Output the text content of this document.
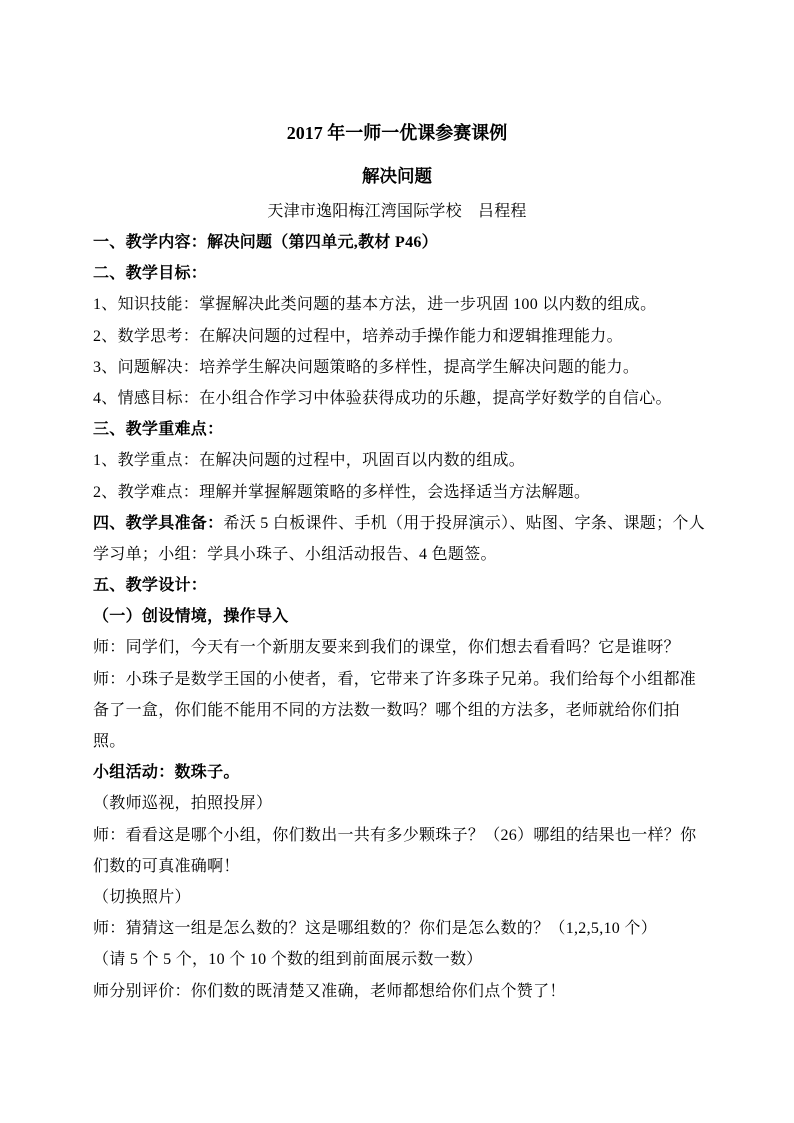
2017 年一师一优课参赛课例
解决问题
天津市逸阳梅江湾国际学校　吕程程
一、教学内容：解决问题（第四单元,教材 P46）
二、教学目标：
1、知识技能：掌握解决此类问题的基本方法，进一步巩固 100 以内数的组成。
2、数学思考：在解决问题的过程中，培养动手操作能力和逻辑推理能力。
3、问题解决：培养学生解决问题策略的多样性，提高学生解决问题的能力。
4、情感目标：在小组合作学习中体验获得成功的乐趣，提高学好数学的自信心。
三、教学重难点：
1、教学重点：在解决问题的过程中，巩固百以内数的组成。
2、教学难点：理解并掌握解题策略的多样性，会选择适当方法解题。
四、教学具准备：希沃 5 白板课件、手机（用于投屏演示）、贴图、字条、课题；个人
学习单；小组：学具小珠子、小组活动报告、4 色题签。
五、教学设计：
（一）创设情境，操作导入
师：同学们，今天有一个新朋友要来到我们的课堂，你们想去看看吗？它是谁呀？
师：小珠子是数学王国的小使者，看，它带来了许多珠子兄弟。我们给每个小组都准
备了一盒，你们能不能用不同的方法数一数吗？哪个组的方法多，老师就给你们拍
照。
小组活动：数珠子。
（教师巡视，拍照投屏）
师：看看这是哪个小组，你们数出一共有多少颗珠子？（26）哪组的结果也一样？你
们数的可真准确啊！
（切换照片）
师：猜猜这一组是怎么数的？这是哪组数的？你们是怎么数的？（1,2,5,10 个）
（请 5 个 5 个，10 个 10 个数的组到前面展示数一数）
师分别评价：你们数的既清楚又准确，老师都想给你们点个赞了！
